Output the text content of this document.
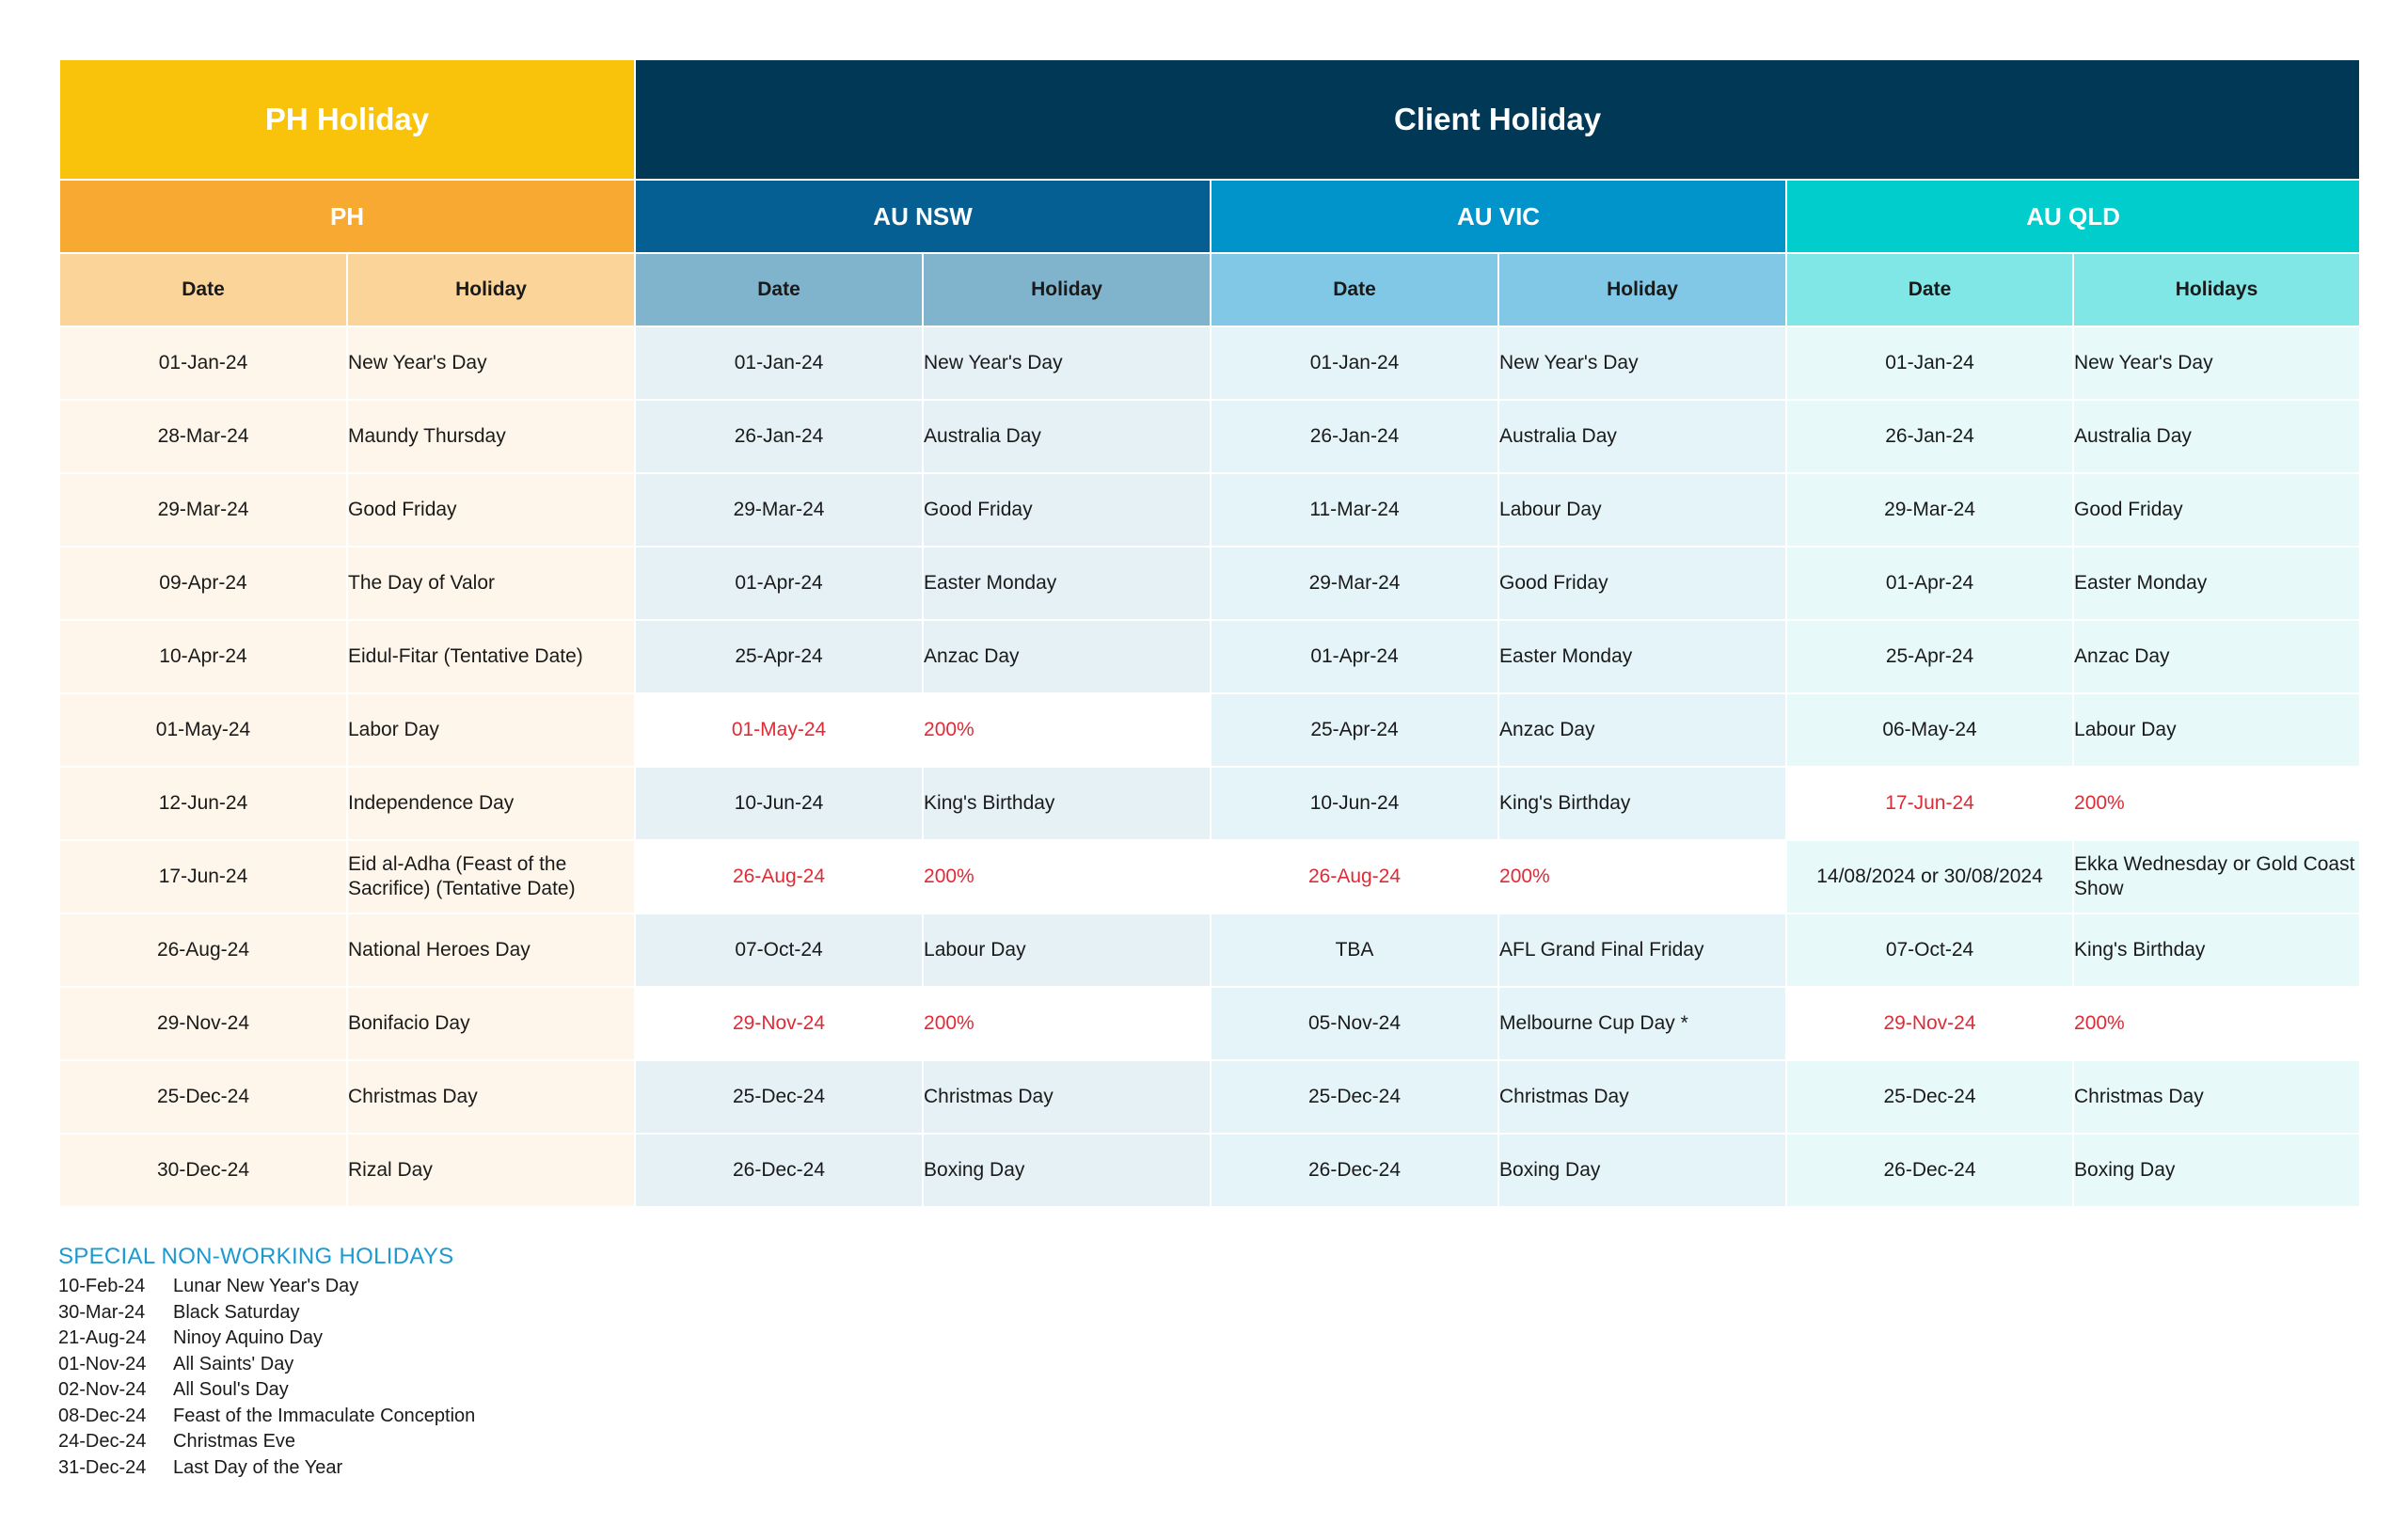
PH Holiday		Client Holiday					
PH		AU NSW		AU VIC		AU QLD	
Date	Holiday	Date	Holiday	Date	Holiday	Date	Holidays
01-Jan-24	New Year's Day	01-Jan-24	New Year's Day	01-Jan-24	New Year's Day	01-Jan-24	New Year's Day
28-Mar-24	Maundy Thursday	26-Jan-24	Australia Day	26-Jan-24	Australia Day	26-Jan-24	Australia Day
29-Mar-24	Good Friday	29-Mar-24	Good Friday	11-Mar-24	Labour Day	29-Mar-24	Good Friday
09-Apr-24	The Day of Valor	01-Apr-24	Easter Monday	29-Mar-24	Good Friday	01-Apr-24	Easter Monday
10-Apr-24	Eidul-Fitar (Tentative Date)	25-Apr-24	Anzac Day	01-Apr-24	Easter Monday	25-Apr-24	Anzac Day
01-May-24	Labor Day	01-May-24	200%	25-Apr-24	Anzac Day	06-May-24	Labour Day
12-Jun-24	Independence Day	10-Jun-24	King's Birthday	10-Jun-24	King's Birthday	17-Jun-24	200%
17-Jun-24	Eid al-Adha (Feast of the Sacrifice) (Tentative Date)	26-Aug-24	200%	26-Aug-24	200%	14/08/2024 or 30/08/2024	Ekka Wednesday or Gold Coast Show
26-Aug-24	National Heroes Day	07-Oct-24	Labour Day	TBA	AFL Grand Final Friday	07-Oct-24	King's Birthday
29-Nov-24	Bonifacio Day	29-Nov-24	200%	05-Nov-24	Melbourne Cup Day *	29-Nov-24	200%
25-Dec-24	Christmas Day	25-Dec-24	Christmas Day	25-Dec-24	Christmas Day	25-Dec-24	Christmas Day
30-Dec-24	Rizal Day	26-Dec-24	Boxing Day	26-Dec-24	Boxing Day	26-Dec-24	Boxing Day
SPECIAL NON-WORKING HOLIDAYS
10-Feb-24	Lunar New Year's Day
30-Mar-24	Black Saturday
21-Aug-24	Ninoy Aquino Day
01-Nov-24	All Saints' Day
02-Nov-24	All Soul's Day
08-Dec-24	Feast of the Immaculate Conception
24-Dec-24	Christmas Eve
31-Dec-24	Last Day of the Year
